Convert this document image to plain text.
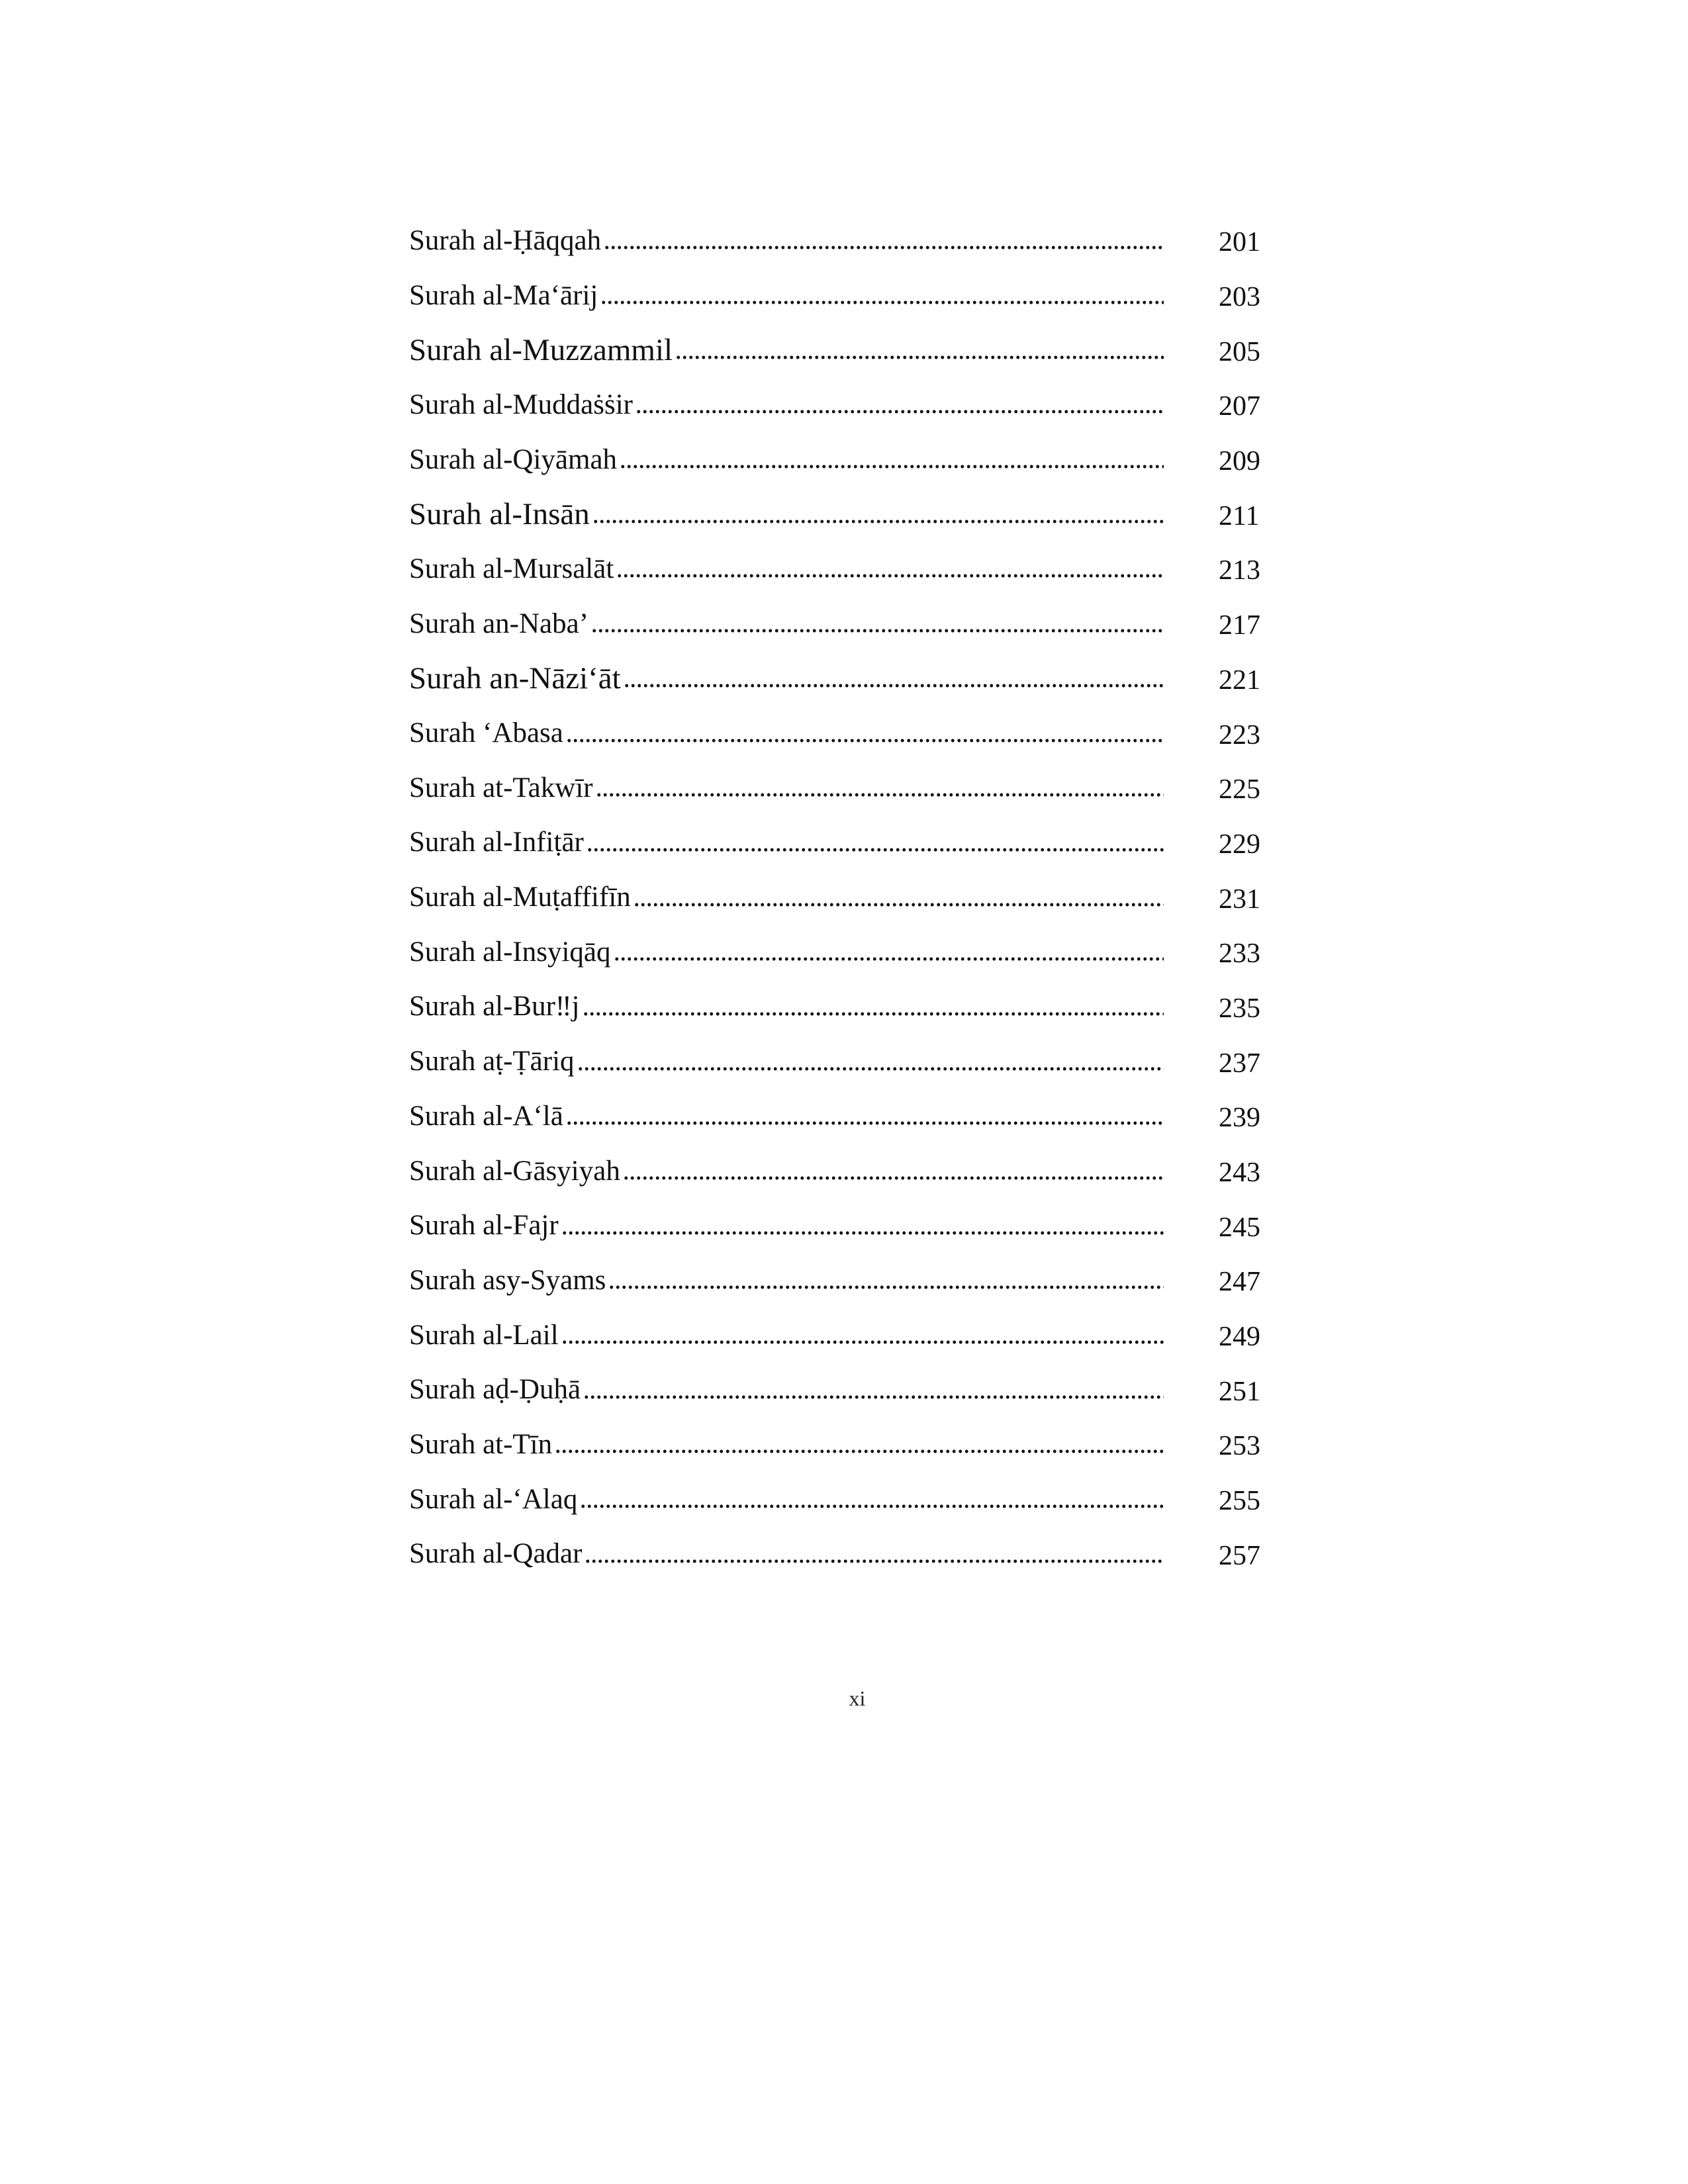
Surah al-Ḥāqqah	201
Surah al-Ma‘ārij	203
Surah al-Muzzammil	205
Surah al-Muddaṡṡir	207
Surah al-Qiyāmah	209
Surah al-Insān	211
Surah al-Mursalāt	213
Surah an-Naba’	217
Surah an-Nāzi‘āt	221
Surah ‘Abasa	223
Surah at-Takwīr	225
Surah al-Infiṭār	229
Surah al-Muṭaffifīn	231
Surah al-Insyiqāq	233
Surah al-Bur‼j	235
Surah aṭ-Ṭāriq	237
Surah al-A‘lā	239
Surah al-Gāsyiyah	243
Surah al-Fajr	245
Surah asy-Syams	247
Surah al-Lail	249
Surah aḍ-Ḍuḥā	251
Surah at-Tīn	253
Surah al-‘Alaq	255
Surah al-Qadar	257
xi
